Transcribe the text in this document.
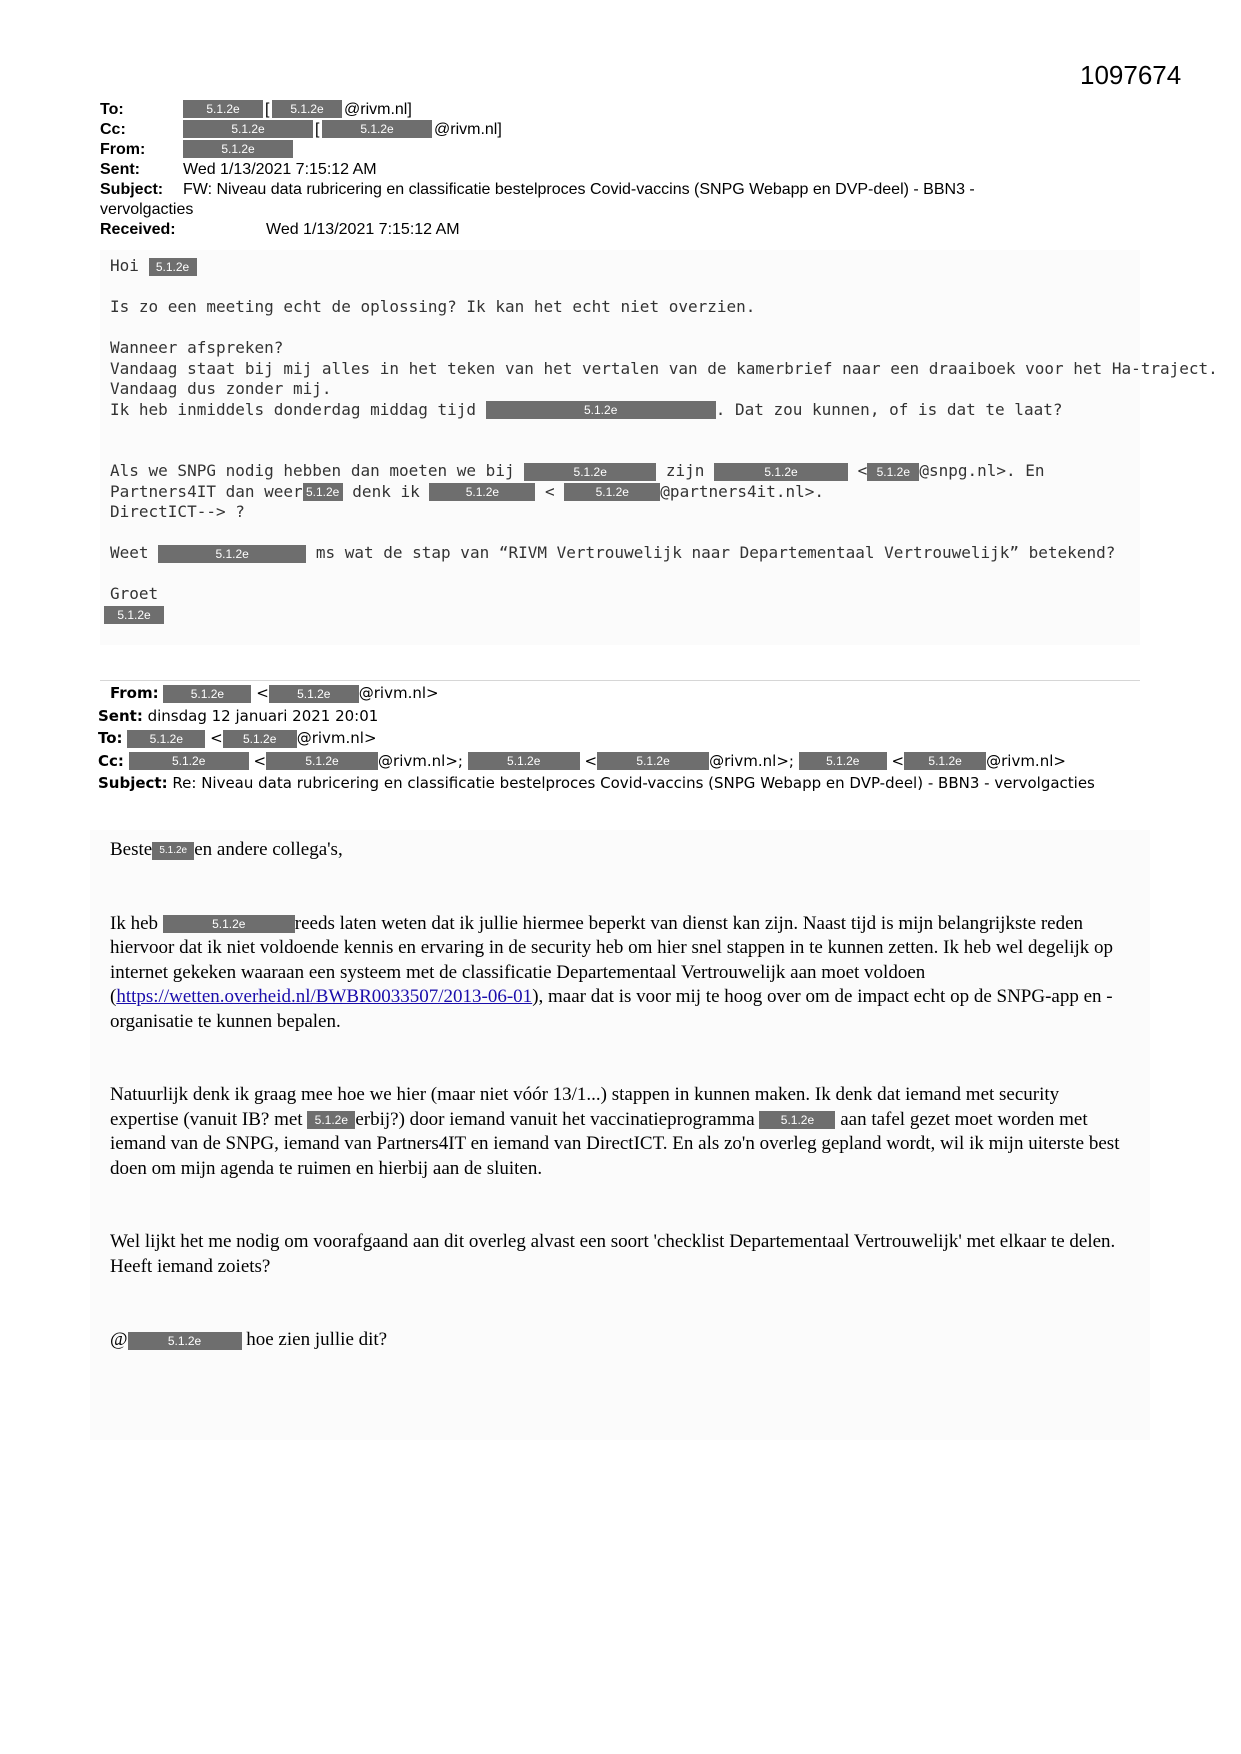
1097674
To:	5.1.2e	[	5.1.2e	@rivm.nl]
Cc:	5.1.2e	[	5.1.2e	@rivm.nl]
From:	5.1.2e
Sent:	Wed 1/13/2021 7:15:12 AM
Subject: FW: Niveau data rubricering en classificatie bestelproces Covid-vaccins (SNPG Webapp en DVP-deel) - BBN3 -
vervolgacties
Received:	Wed 1/13/2021 7:15:12 AM

Hoi 5.1.2e

Is zo een meeting echt de oplossing? Ik kan het echt niet overzien.

Wanneer afspreken?

Vandaag staat bij mij alles in het teken van het vertalen van de kamerbrief naar een draaiboek voor het Ha-traject.

Vandaag dus zonder mij.

Ik heb inmiddels donderdag middag tijd	5.1.2e	. Dat zou kunnen, of is dat te laat?

Als we SNPG nodig hebben dan moeten we bij	5.1.2e	zijn	5.1.2e	< 5.1.2e @snpg.nl>. En

Partners4IT dan weer 5.1.2e denk ik	5.1.2e	<	5.1.2e @partners4it.nl>.

DirectICT--> ?

Weet	5.1.2e	ms wat de stap van “RIVM Vertrouwelijk naar Departementaal Vertrouwelijk” betekend?

Groet

5.1.2e

From:	5.1.2e < 5.1.2e @rivm.nl>
Sent: dinsdag 12 januari 2021 20:01
To: 5.1.2e < 5.1.2e @rivm.nl>
Cc:	5.1.2e	<	5.1.2e	@rivm.nl>;	5.1.2e	<	5.1.2e	@rivm.nl>;	5.1.2e < 5.1.2e @rivm.nl>
Subject: Re: Niveau data rubricering en classificatie bestelproces Covid-vaccins (SNPG Webapp en DVP-deel) - BBN3 - vervolgacties

Beste 5.1.2e en andere collega's,

Ik heb	5.1.2e	reeds laten weten dat ik jullie hiermee beperkt van dienst kan zijn. Naast tijd is mijn belangrijkste reden hiervoor dat ik niet voldoende kennis en ervaring in de security heb om hier snel stappen in te kunnen zetten. Ik heb wel degelijk op internet gekeken waaraan een systeem met de classificatie Departementaal Vertrouwelijk aan moet voldoen (https://wetten.overheid.nl/BWBR0033507/2013-06-01), maar dat is voor mij te hoog over om de impact echt op de SNPG-app en -organisatie te kunnen bepalen.

Natuurlijk denk ik graag mee hoe we hier (maar niet vóór 13/1...) stappen in kunnen maken. Ik denk dat iemand met security expertise (vanuit IB? met 5.1.2e erbij?) door iemand vanuit het vaccinatieprogramma 5.1.2e aan tafel gezet moet worden met iemand van de SNPG, iemand van Partners4IT en iemand van DirectICT. En als zo'n overleg gepland wordt, wil ik mijn uiterste best doen om mijn agenda te ruimen en hierbij aan de sluiten.

Wel lijkt het me nodig om voorafgaand aan dit overleg alvast een soort 'checklist Departementaal Vertrouwelijk' met elkaar te delen. Heeft iemand zoiets?

@	5.1.2e hoe zien jullie dit?
